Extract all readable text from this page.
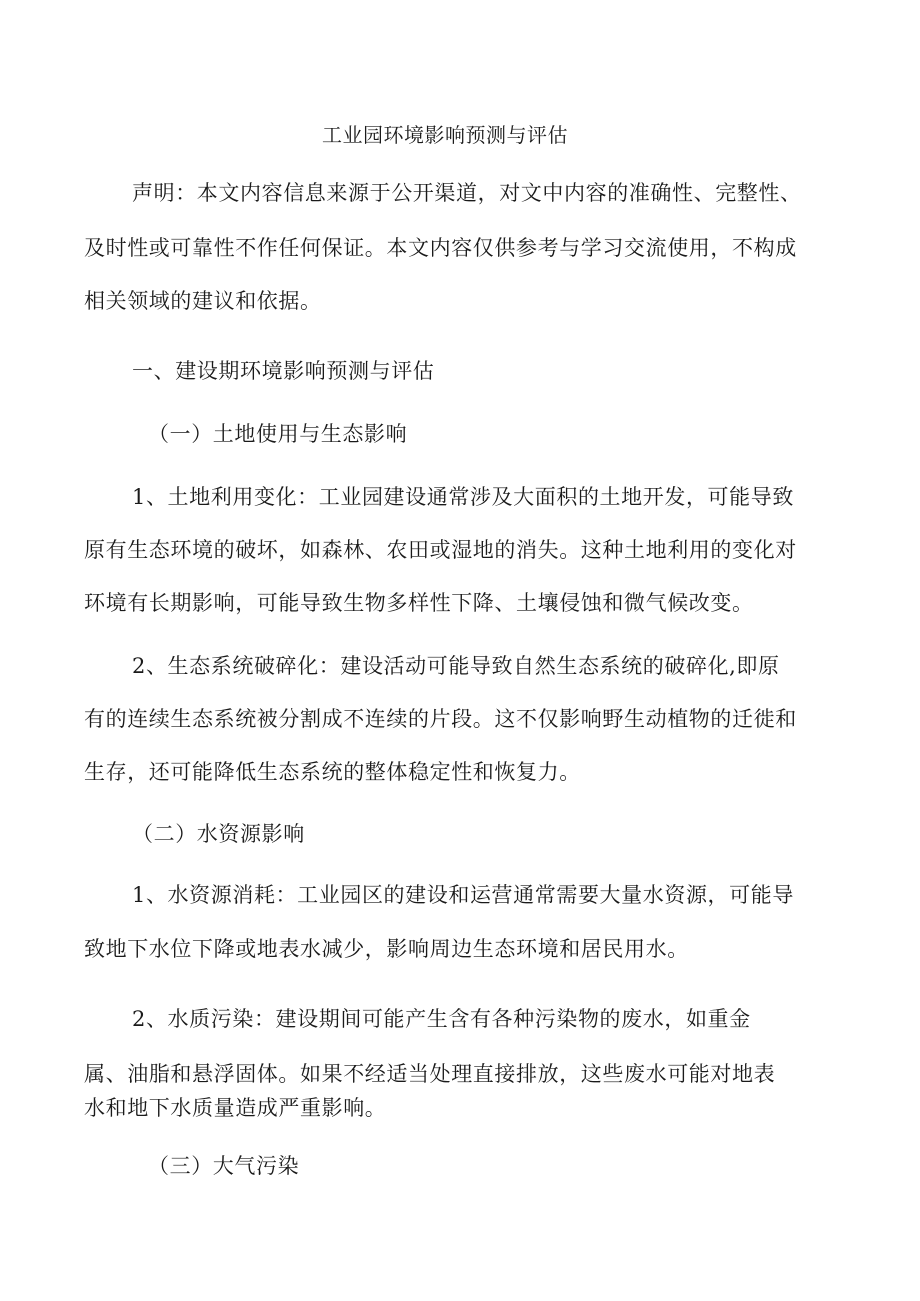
工业园环境影响预测与评估
声明：本文内容信息来源于公开渠道，对文中内容的准确性、完整性、
及时性或可靠性不作任何保证。本文内容仅供参考与学习交流使用，不构成
相关领域的建议和依据。
一、建设期环境影响预测与评估
（一）土地使用与生态影响
1、土地利用变化：工业园建设通常涉及大面积的土地开发，可能导致
原有生态环境的破坏，如森林、农田或湿地的消失。这种土地利用的变化对
环境有长期影响，可能导致生物多样性下降、土壤侵蚀和微气候改变。
2、生态系统破碎化：建设活动可能导致自然生态系统的破碎化,即原
有的连续生态系统被分割成不连续的片段。这不仅影响野生动植物的迁徙和
生存，还可能降低生态系统的整体稳定性和恢复力。
（二）水资源影响
1、水资源消耗：工业园区的建设和运营通常需要大量水资源，可能导
致地下水位下降或地表水减少，影响周边生态环境和居民用水。
2、水质污染：建设期间可能产生含有各种污染物的废水，如重金
属、油脂和悬浮固体。如果不经适当处理直接排放，这些废水可能对地表
水和地下水质量造成严重影响。
（三）大气污染
